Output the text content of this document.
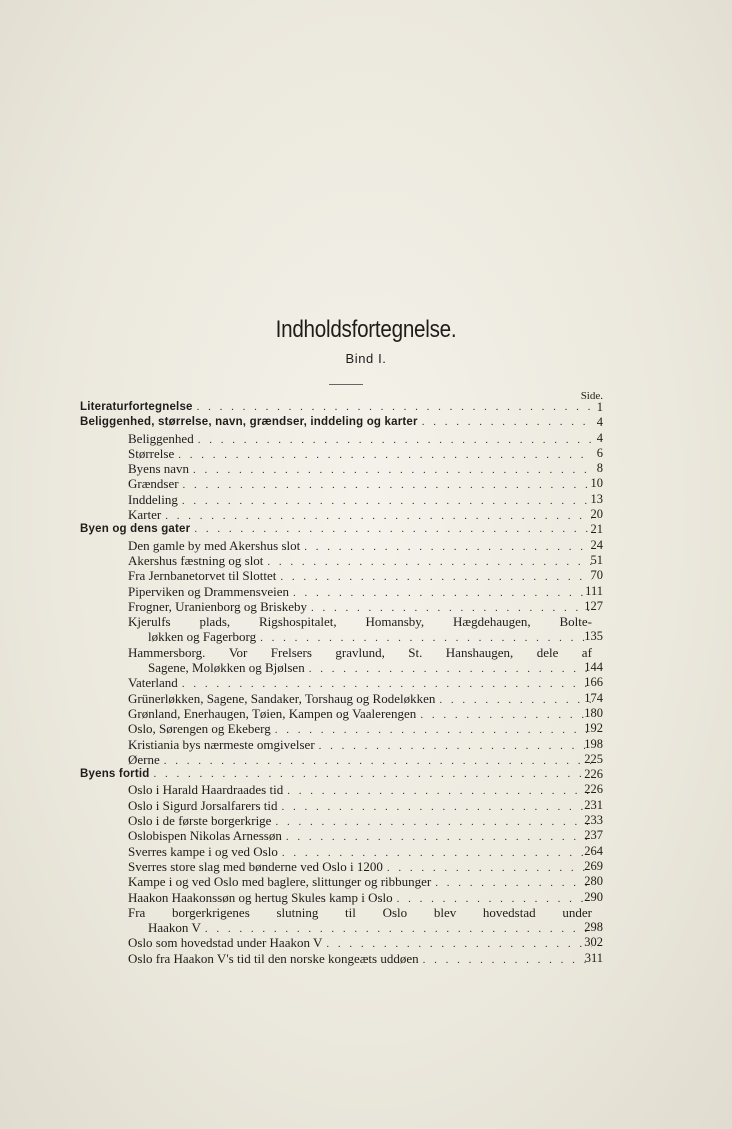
Indholdsfortegnelse.
Bind I.
Side.
Literaturfortegnelse . . .	1
Beliggenhed, størrelse, navn, grændser, inddeling og karter . . .	4
Beliggenhed . . .	4
Størrelse . . .	6
Byens navn . . .	8
Grændser . . .	10
Inddeling . . .	13
Karter . . .	20
Byen og dens gater . . .	21
Den gamle by med Akershus slot . . .	24
Akershus fæstning og slot . . .	51
Fra Jernbanetorvet til Slottet . . .	70
Piperviken og Drammensveien . . .	111
Frogner, Uranienborg og Briskeby . . .	127
Kjerulfs plads, Rigshospitalet, Homansby, Hægdehaugen, Bolte-
løkken og Fagerborg . . .	135
Hammersborg. Vor Frelsers gravlund, St. Hanshaugen, dele af
Sagene, Moløkken og Bjølsen . . .	144
Vaterland . . .	166
Grünerløkken, Sagene, Sandaker, Torshaug og Rodeløkken . . .	174
Grønland, Enerhaugen, Tøien, Kampen og Vaalerengen . . .	180
Oslo, Sørengen og Ekeberg . . .	192
Kristiania bys nærmeste omgivelser . . .	198
Øerne . . .	225
Byens fortid . . .	226
Oslo i Harald Haardraades tid . . .	226
Oslo i Sigurd Jorsalfarers tid . . .	231
Oslo i de første borgerkrige . . .	233
Oslobispen Nikolas Arnessøn . . .	237
Sverres kampe i og ved Oslo . . .	264
Sverres store slag med bønderne ved Oslo i 1200 . . .	269
Kampe i og ved Oslo med baglere, slittunger og ribbunger . . .	280
Haakon Haakonssøn og hertug Skules kamp i Oslo . . .	290
Fra borgerkrigenes slutning til Oslo blev hovedstad under
Haakon V . . .	298
Oslo som hovedstad under Haakon V . . .	302
Oslo fra Haakon V's tid til den norske kongeæts uddøen . . .	311
